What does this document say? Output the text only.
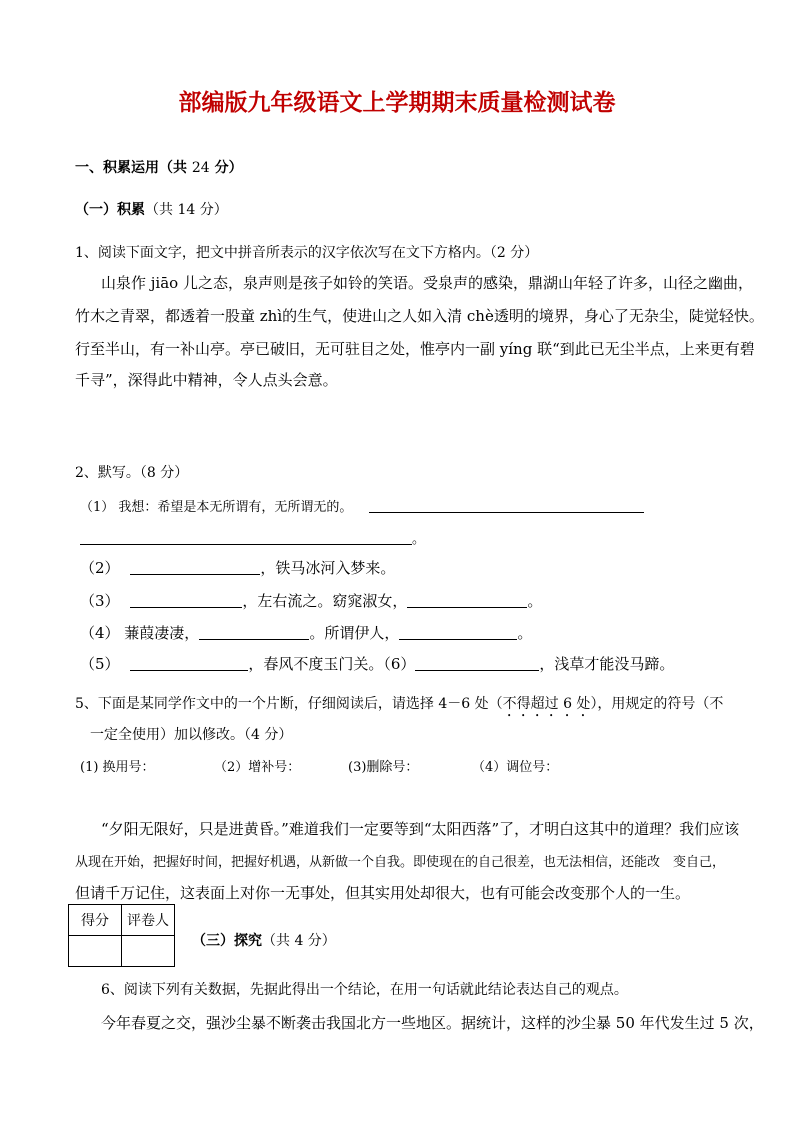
部编版九年级语文上学期期末质量检测试卷
一、积累运用（共 24 分）
（一）积累（共 14 分）
1、阅读下面文字，把文中拼音所表示的汉字依次写在文下方格内。（2 分）
山泉作 jiāo 儿之态，泉声则是孩子如铃的笑语。受泉声的感染，鼎湖山年轻了许多，山径之幽曲，
竹木之青翠，都透着一股童 zhì的生气，使进山之人如入清 chè透明的境界，身心了无杂尘，陡觉轻快。
行至半山，有一补山亭。亭已破旧，无可驻目之处，惟亭内一副 yíng 联“到此已无尘半点，上来更有碧
千寻”，深得此中精神，令人点头会意。
2、默写。（8 分）
（1） 我想：希望是本无所谓有，无所谓无的。
。
（2）	，铁马冰河入梦来。
（3）	，左右流之。窈窕淑女，	。
（4） 蒹葭凄凄，	。所谓伊人，	。
（5）	，春风不度玉门关。（6）	，浅草才能没马蹄。
5、下面是某同学作文中的一个片断，仔细阅读后，请选择 4－6 处（不得超过 6 处），用规定的符号（不
一定全使用）加以修改。（4 分）
(1) 换用号：	（2）增补号：	(3)删除号：	（4）调位号：
“夕阳无限好，只是进黄昏。”难道我们一定要等到“太阳西落”了，才明白这其中的道理？我们应该
从现在开始，把握好时间，把握好机遇，从新做一个自我。即使现在的自己很差，也无法相信，还能改　变自己，
但请千万记住，这表面上对你一无事处，但其实用处却很大，也有可能会改变那个人的一生。
得分	评卷人

（三）探究（共 4 分）
6、阅读下列有关数据，先据此得出一个结论，在用一句话就此结论表达自己的观点。
今年春夏之交，强沙尘暴不断袭击我国北方一些地区。据统计，这样的沙尘暴 50 年代发生过 5 次，
